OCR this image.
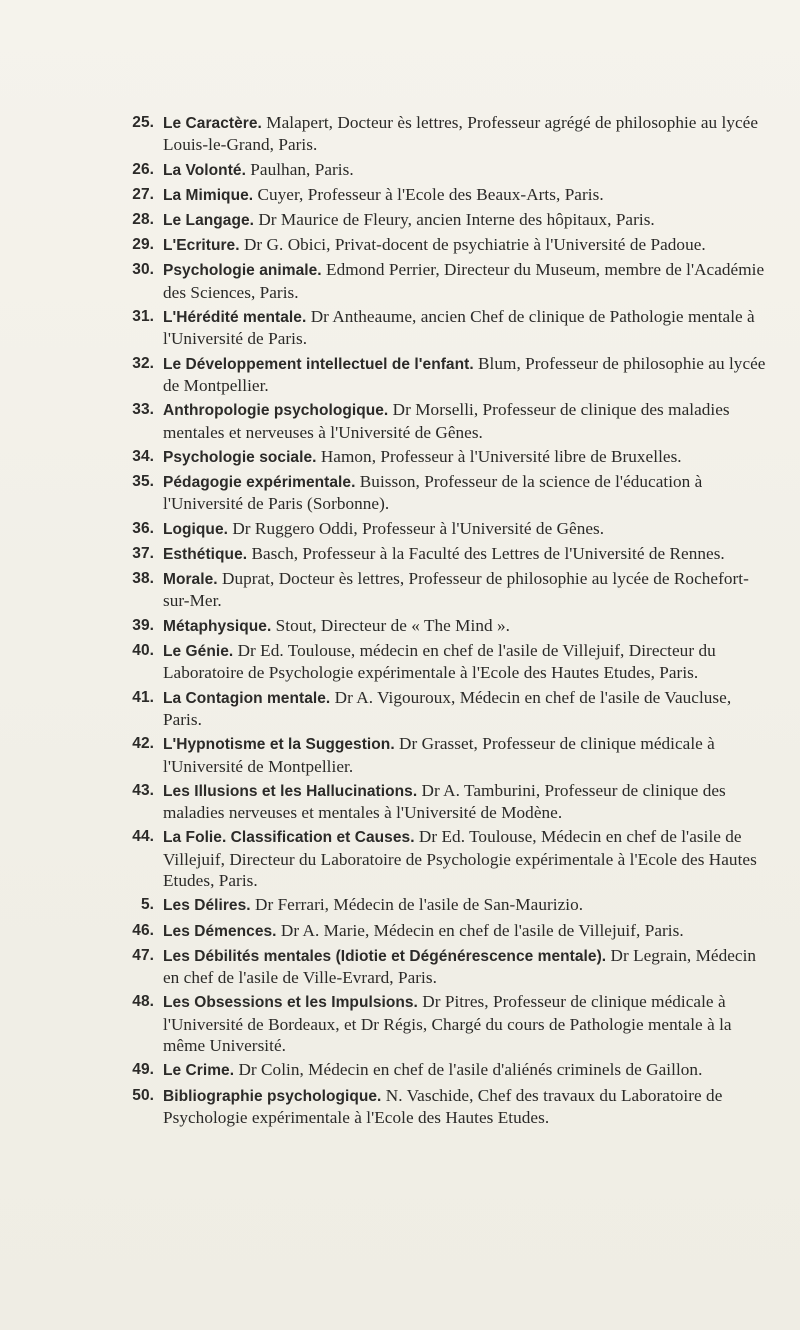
25. Le Caractère. Malapert, Docteur ès lettres, Professeur agrégé de philosophie au lycée Louis-le-Grand, Paris.
26. La Volonté. Paulhan, Paris.
27. La Mimique. Cuyer, Professeur à l'Ecole des Beaux-Arts, Paris.
28. Le Langage. Dr Maurice de Fleury, ancien Interne des hôpitaux, Paris.
29. L'Ecriture. Dr G. Obici, Privat-docent de psychiatrie à l'Université de Padoue.
30. Psychologie animale. Edmond Perrier, Directeur du Museum, membre de l'Académie des Sciences, Paris.
31. L'Hérédité mentale. Dr Antheaume, ancien Chef de clinique de Pathologie mentale à l'Université de Paris.
32. Le Développement intellectuel de l'enfant. Blum, Professeur de philosophie au lycée de Montpellier.
33. Anthropologie psychologique. Dr Morselli, Professeur de clinique des maladies mentales et nerveuses à l'Université de Gênes.
34. Psychologie sociale. Hamon, Professeur à l'Université libre de Bruxelles.
35. Pédagogie expérimentale. Buisson, Professeur de la science de l'éducation à l'Université de Paris (Sorbonne).
36. Logique. Dr Ruggero Oddi, Professeur à l'Université de Gênes.
37. Esthétique. Basch, Professeur à la Faculté des Lettres de l'Université de Rennes.
38. Morale. Duprat, Docteur ès lettres, Professeur de philosophie au lycée de Rochefort-sur-Mer.
39. Métaphysique. Stout, Directeur de « The Mind ».
40. Le Génie. Dr Ed. Toulouse, médecin en chef de l'asile de Villejuif, Directeur du Laboratoire de Psychologie expérimentale à l'Ecole des Hautes Etudes, Paris.
41. La Contagion mentale. Dr A. Vigouroux, Médecin en chef de l'asile de Vaucluse, Paris.
42. L'Hypnotisme et la Suggestion. Dr Grasset, Professeur de clinique médicale à l'Université de Montpellier.
43. Les Illusions et les Hallucinations. Dr A. Tamburini, Professeur de clinique des maladies nerveuses et mentales à l'Université de Modène.
44. La Folie. Classification et Causes. Dr Ed. Toulouse, Médecin en chef de l'asile de Villejuif, Directeur du Laboratoire de Psychologie expérimentale à l'Ecole des Hautes Etudes, Paris.
5. Les Délires. Dr Ferrari, Médecin de l'asile de San-Maurizio.
46. Les Démences. Dr A. Marie, Médecin en chef de l'asile de Villejuif, Paris.
47. Les Débilités mentales (Idiotie et Dégénérescence mentale). Dr Legrain, Médecin en chef de l'asile de Ville-Evrard, Paris.
48. Les Obsessions et les Impulsions. Dr Pitres, Professeur de clinique médicale à l'Université de Bordeaux, et Dr Régis, Chargé du cours de Pathologie mentale à la même Université.
49. Le Crime. Dr Colin, Médecin en chef de l'asile d'aliénés criminels de Gaillon.
50. Bibliographie psychologique. N. Vaschide, Chef des travaux du Laboratoire de Psychologie expérimentale à l'Ecole des Hautes Etudes.
